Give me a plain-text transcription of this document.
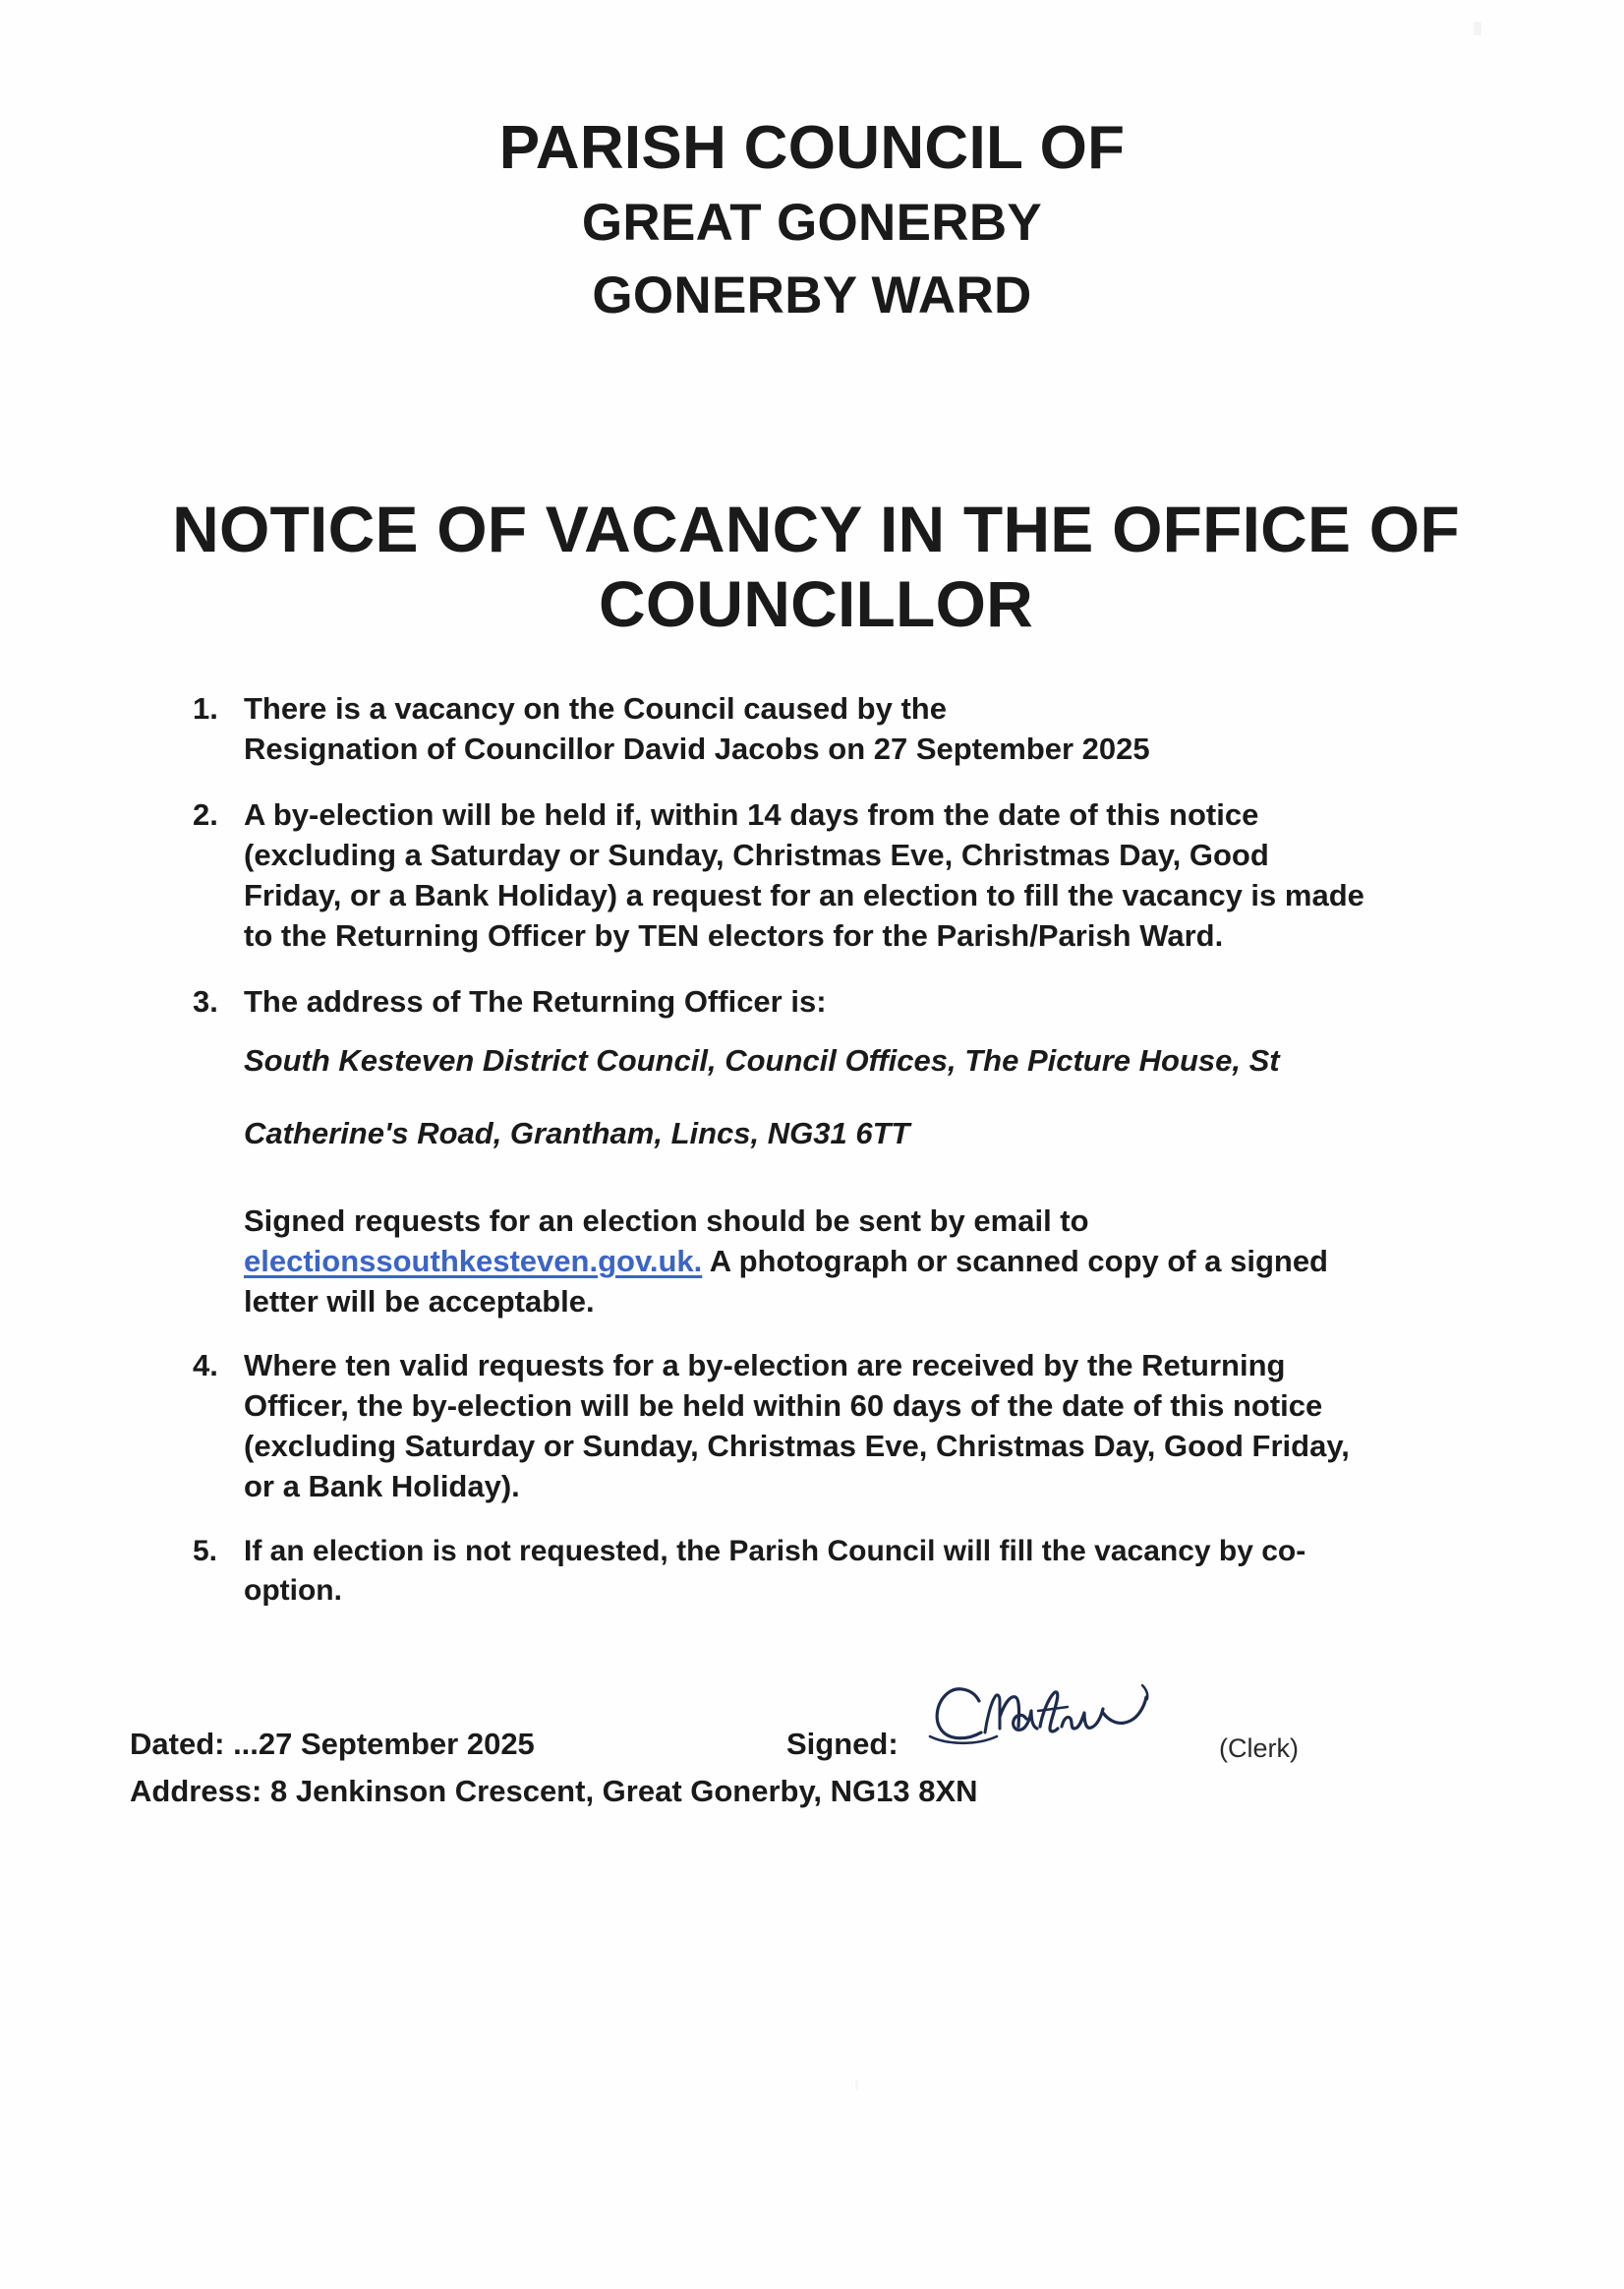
PARISH COUNCIL OF
GREAT GONERBY
GONERBY WARD
NOTICE OF VACANCY IN THE OFFICE OF COUNCILLOR
1. There is a vacancy on the Council caused by the
Resignation of Councillor David Jacobs on 27 September 2025
2. A by-election will be held if, within 14 days from the date of this notice
(excluding a Saturday or Sunday, Christmas Eve, Christmas Day, Good
Friday, or a Bank Holiday) a request for an election to fill the vacancy is made
to the Returning Officer by TEN electors for the Parish/Parish Ward.
3. The address of The Returning Officer is:
South Kesteven District Council, Council Offices, The Picture House, St
Catherine's Road, Grantham, Lincs, NG31 6TT
Signed requests for an election should be sent by email to
electionssouthkesteven.gov.uk. A photograph or scanned copy of a signed
letter will be acceptable.
4. Where ten valid requests for a by-election are received by the Returning
Officer, the by-election will be held within 60 days of the date of this notice
(excluding Saturday or Sunday, Christmas Eve, Christmas Day, Good Friday,
or a Bank Holiday).
5. If an election is not requested, the Parish Council will fill the vacancy by co-
option.
Dated: ...27 September 2025	Signed:	(Clerk)
Address: 8 Jenkinson Crescent, Great Gonerby, NG13 8XN
